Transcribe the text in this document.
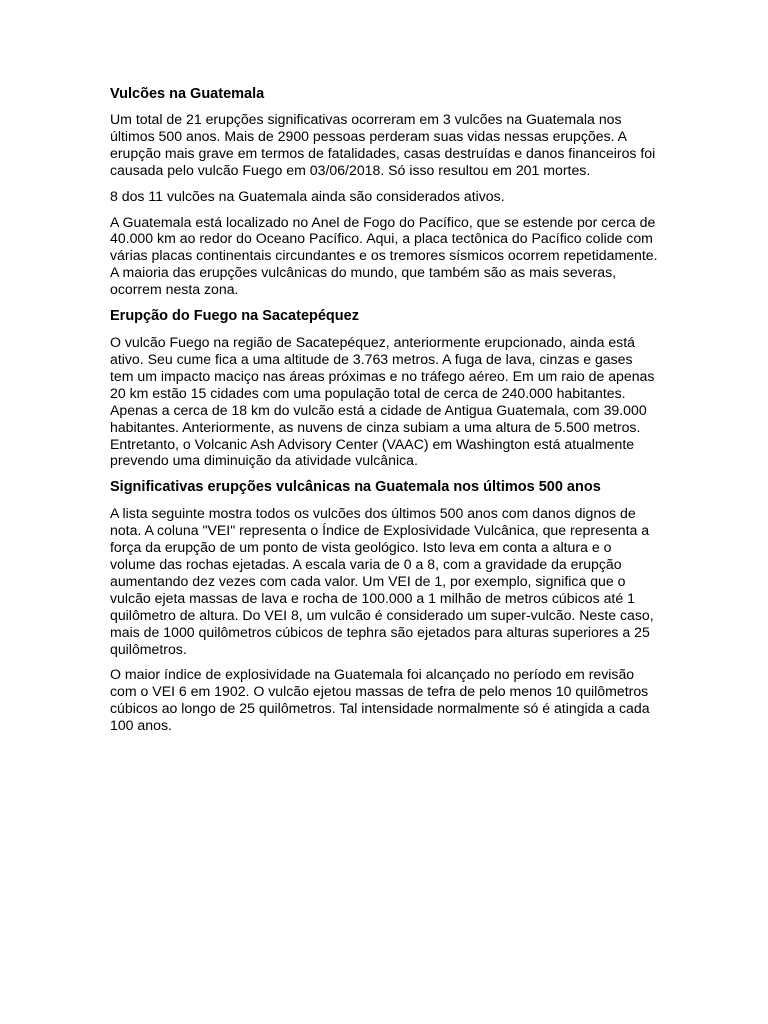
Vulcões na Guatemala

Um total de 21 erupções significativas ocorreram em 3 vulcões na Guatemala nos últimos 500 anos. Mais de 2900 pessoas perderam suas vidas nessas erupções. A erupção mais grave em termos de fatalidades, casas destruídas e danos financeiros foi causada pelo vulcão Fuego em 03/06/2018. Só isso resultou em 201 mortes.

8 dos 11 vulcões na Guatemala ainda são considerados ativos.

A Guatemala está localizado no Anel de Fogo do Pacífico, que se estende por cerca de 40.000 km ao redor do Oceano Pacífico. Aqui, a placa tectônica do Pacífico colide com várias placas continentais circundantes e os tremores sísmicos ocorrem repetidamente. A maioria das erupções vulcânicas do mundo, que também são as mais severas, ocorrem nesta zona.

Erupção do Fuego na Sacatepéquez

O vulcão Fuego na região de Sacatepéquez, anteriormente erupcionado, ainda está ativo. Seu cume fica a uma altitude de 3.763 metros. A fuga de lava, cinzas e gases tem um impacto maciço nas áreas próximas e no tráfego aéreo. Em um raio de apenas 20 km estão 15 cidades com uma população total de cerca de 240.000 habitantes. Apenas a cerca de 18 km do vulcão está a cidade de Antigua Guatemala, com 39.000 habitantes. Anteriormente, as nuvens de cinza subiam a uma altura de 5.500 metros. Entretanto, o Volcanic Ash Advisory Center (VAAC) em Washington está atualmente prevendo uma diminuição da atividade vulcânica.

Significativas erupções vulcânicas na Guatemala nos últimos 500 anos

A lista seguinte mostra todos os vulcões dos últimos 500 anos com danos dignos de nota. A coluna "VEI" representa o Índice de Explosividade Vulcânica, que representa a força da erupção de um ponto de vista geológico. Isto leva em conta a altura e o volume das rochas ejetadas. A escala varia de 0 a 8, com a gravidade da erupção aumentando dez vezes com cada valor. Um VEI de 1, por exemplo, significa que o vulcão ejeta massas de lava e rocha de 100.000 a 1 milhão de metros cúbicos até 1 quilômetro de altura. Do VEI 8, um vulcão é considerado um super-vulcão. Neste caso, mais de 1000 quilômetros cúbicos de tephra são ejetados para alturas superiores a 25 quilômetros.

O maior índice de explosividade na Guatemala foi alcançado no período em revisão com o VEI 6 em 1902. O vulcão ejetou massas de tefra de pelo menos 10 quilômetros cúbicos ao longo de 25 quilômetros. Tal intensidade normalmente só é atingida a cada 100 anos.
